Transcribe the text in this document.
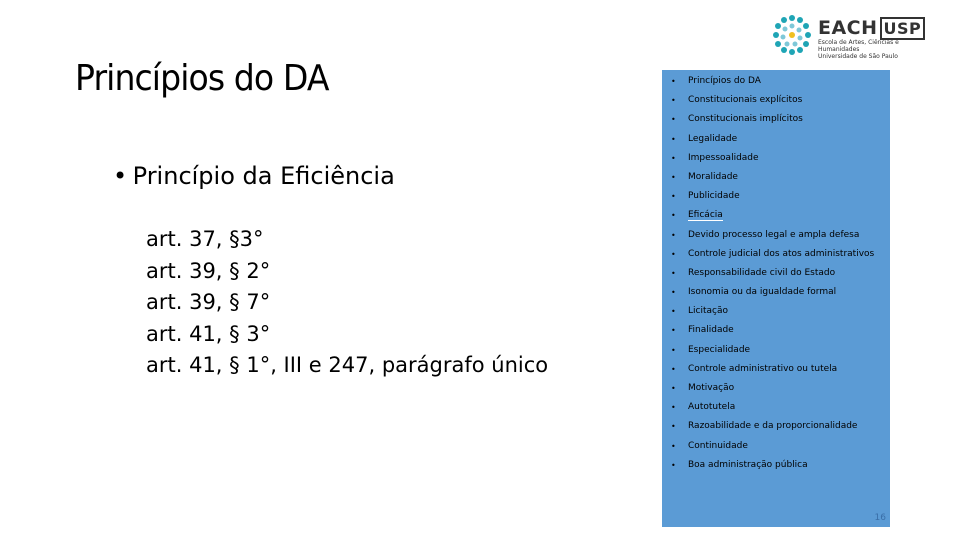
Princípios do DA
• Princípio da Eficiência
art. 37, §3°
art. 39, § 2°
art. 39, § 7°
art. 41, § 3°
art. 41, § 1°, III e 247, parágrafo único
EACH USP
Escola de Artes, Ciências e Humanidades
Universidade de São Paulo
• Princípios do DA
• Constitucionais explícitos
• Constitucionais implícitos
• Legalidade
• Impessoalidade
• Moralidade
• Publicidade
• Eficácia
• Devido processo legal e ampla defesa
• Controle judicial dos atos administrativos
• Responsabilidade civil do Estado
• Isonomia ou da igualdade formal
• Licitação
• Finalidade
• Especialidade
• Controle administrativo ou tutela
• Motivação
• Autotutela
• Razoabilidade e da proporcionalidade
• Continuidade
• Boa administração pública
16
